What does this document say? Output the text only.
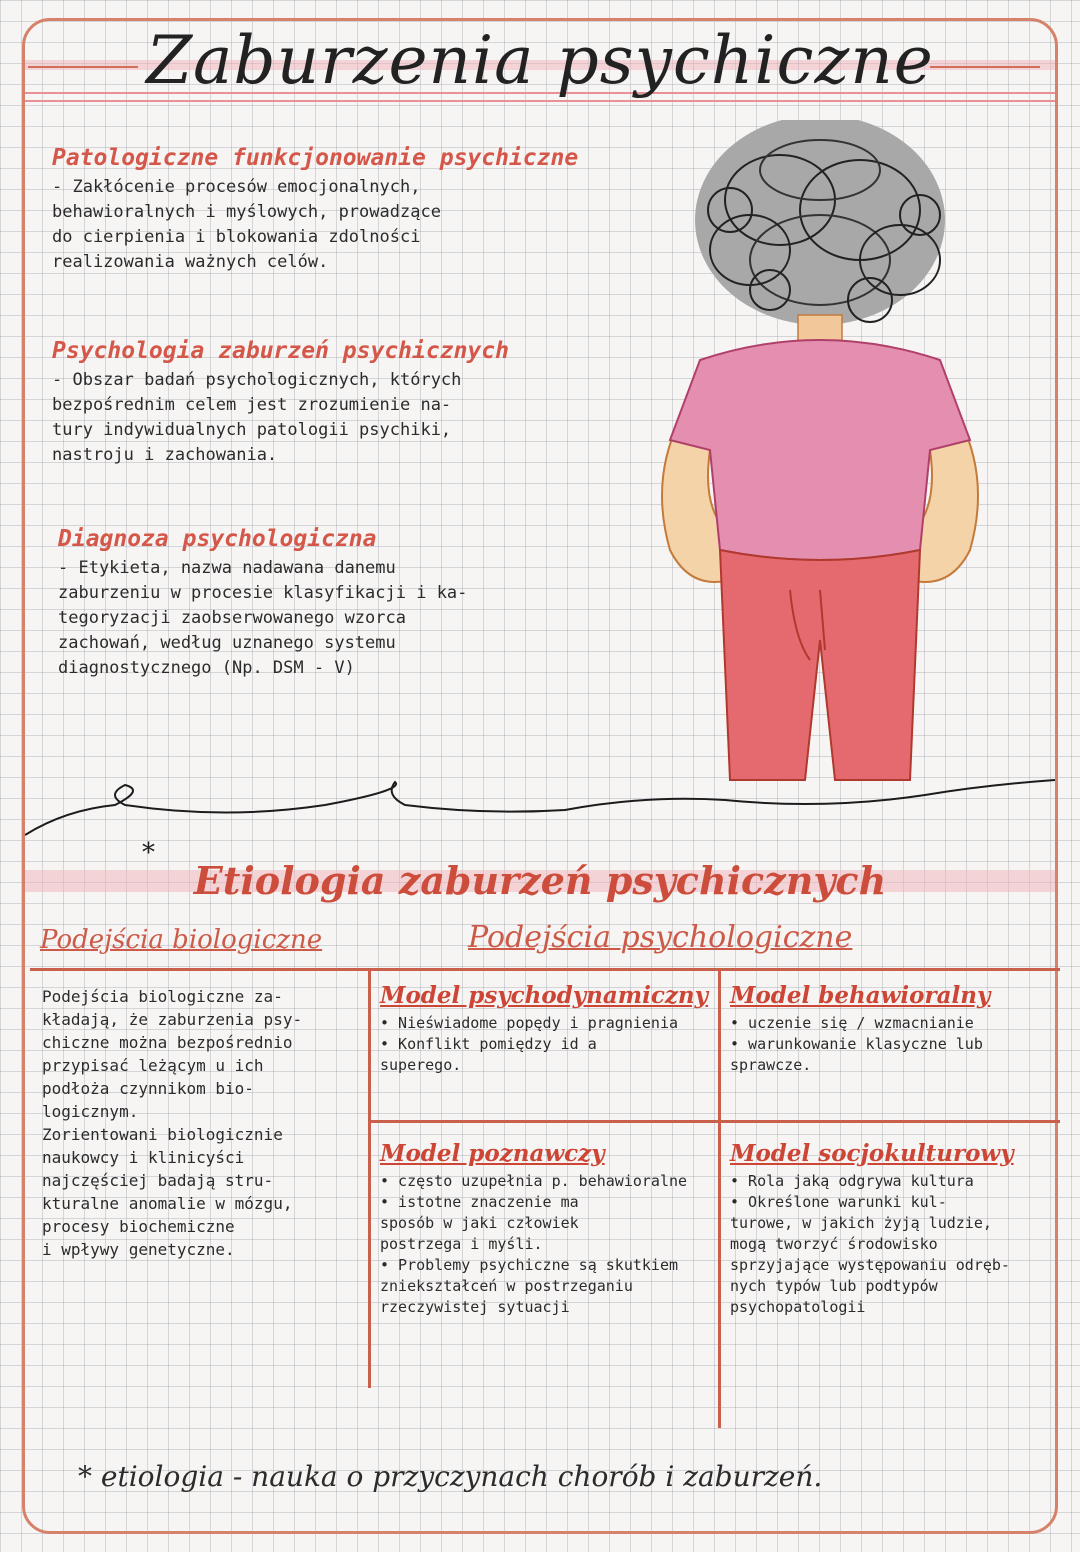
Zaburzenia psychiczne

Patologiczne funkcjonowanie psychiczne

- Zakłócenie procesów emocjonalnych,
behawioralnych i myślowych, prowadzące
do cierpienia i blokowania zdolności
realizowania ważnych celów.

Psychologia zaburzeń psychicznych

- Obszar badań psychologicznych, których
bezpośrednim celem jest zrozumienie na-
tury indywidualnych patologii psychiki,
nastroju i zachowania.

Diagnoza psychologiczna

- Etykieta, nazwa nadawana danemu
zaburzeniu w procesie klasyfikacji i ka-
tegoryzacji zaobserwowanego wzorca
zachowań, według uznanego systemu
diagnostycznego (Np. DSM - V)

*
Etiologia zaburzeń psychicznych
Podejścia biologiczne	Podejścia psychologiczne

Podejścia biologiczne za-
kładają, że zaburzenia psy-
chiczne można bezpośrednio
przypisać leżącym u ich
podłoża czynnikom bio-
logicznym.
Zorientowani biologicznie
naukowcy i klinicyści
najczęściej badają stru-
kturalne anomalie w mózgu,
procesy biochemiczne
i wpływy genetyczne.

Model psychodynamiczny

• Nieświadome popędy i pragnienia
• Konflikt pomiędzy id a
superego.

Model behawioralny

• uczenie się / wzmacnianie
• warunkowanie klasyczne lub
sprawcze.

Model poznawczy

• często uzupełnia p. behawioralne
• istotne znaczenie ma
sposób w jaki człowiek
postrzega i myśli.
• Problemy psychiczne są skutkiem
zniekształceń w postrzeganiu
rzeczywistej sytuacji

Model socjokulturowy

• Rola jaką odgrywa kultura
• Określone warunki kul-
turowe, w jakich żyją ludzie,
mogą tworzyć środowisko
sprzyjające występowaniu odręb-
nych typów lub podtypów
psychopatologii

* etiologia - nauka o przyczynach chorób i zaburzeń.
